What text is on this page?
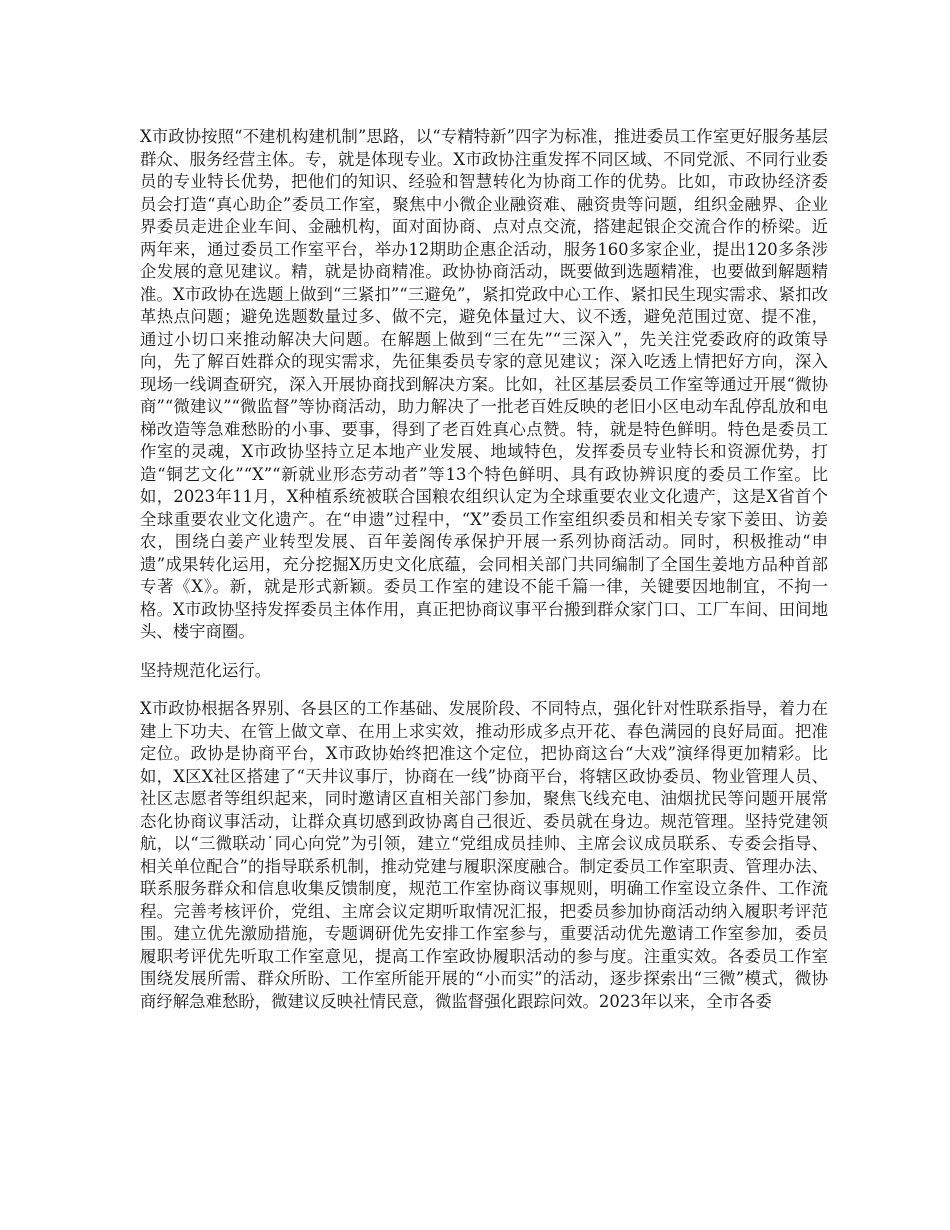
X市政协按照“不建机构建机制”思路，以“专精特新”四字为标准，推进委员工作室更好服务基层群众、服务经营主体。专，就是体现专业。X市政协注重发挥不同区域、不同党派、不同行业委员的专业特长优势，把他们的知识、经验和智慧转化为协商工作的优势。比如，市政协经济委员会打造“真心助企”委员工作室，聚焦中小微企业融资难、融资贵等问题，组织金融界、企业界委员走进企业车间、金融机构，面对面协商、点对点交流，搭建起银企交流合作的桥梁。近两年来，通过委员工作室平台，举办12期助企惠企活动，服务160多家企业，提出120多条涉企发展的意见建议。精，就是协商精准。政协协商活动，既要做到选题精准，也要做到解题精准。X市政协在选题上做到“三紧扣”“三避免”，紧扣党政中心工作、紧扣民生现实需求、紧扣改革热点问题；避免选题数量过多、做不完，避免体量过大、议不透，避免范围过宽、提不准，通过小切口来推动解决大问题。在解题上做到“三在先”“三深入”，先关注党委政府的政策导向，先了解百姓群众的现实需求，先征集委员专家的意见建议；深入吃透上情把好方向，深入现场一线调查研究，深入开展协商找到解决方案。比如，社区基层委员工作室等通过开展“微协商”“微建议”“微监督”等协商活动，助力解决了一批老百姓反映的老旧小区电动车乱停乱放和电梯改造等急难愁盼的小事、要事，得到了老百姓真心点赞。特，就是特色鲜明。特色是委员工作室的灵魂，X市政协坚持立足本地产业发展、地域特色，发挥委员专业特长和资源优势，打造“铜艺文化”“X”“新就业形态劳动者”等13个特色鲜明、具有政协辨识度的委员工作室。比如，2023年11月，X种植系统被联合国粮农组织认定为全球重要农业文化遗产，这是X省首个全球重要农业文化遗产。在“申遗”过程中，“X”委员工作室组织委员和相关专家下姜田、访姜农，围绕白姜产业转型发展、百年姜阁传承保护开展一系列协商活动。同时，积极推动“申遗”成果转化运用，充分挖掘X历史文化底蕴，会同相关部门共同编制了全国生姜地方品种首部专著《X》。新，就是形式新颖。委员工作室的建设不能千篇一律，关键要因地制宜，不拘一格。X市政协坚持发挥委员主体作用，真正把协商议事平台搬到群众家门口、工厂车间、田间地头、楼宇商圈。

坚持规范化运行。

X市政协根据各界别、各县区的工作基础、发展阶段、不同特点，强化针对性联系指导，着力在建上下功夫、在管上做文章、在用上求实效，推动形成多点开花、春色满园的良好局面。把准定位。政协是协商平台，X市政协始终把准这个定位，把协商这台“大戏”演绎得更加精彩。比如，X区X社区搭建了“天井议事厅，协商在一线”协商平台，将辖区政协委员、物业管理人员、社区志愿者等组织起来，同时邀请区直相关部门参加，聚焦飞线充电、油烟扰民等问题开展常态化协商议事活动，让群众真切感到政协离自己很近、委员就在身边。规范管理。坚持党建领航，以“三微联动˙同心向党”为引领，建立“党组成员挂帅、主席会议成员联系、专委会指导、相关单位配合”的指导联系机制，推动党建与履职深度融合。制定委员工作室职责、管理办法、联系服务群众和信息收集反馈制度，规范工作室协商议事规则，明确工作室设立条件、工作流程。完善考核评价，党组、主席会议定期听取情况汇报，把委员参加协商活动纳入履职考评范围。建立优先激励措施，专题调研优先安排工作室参与，重要活动优先邀请工作室参加，委员履职考评优先听取工作室意见，提高工作室政协履职活动的参与度。注重实效。各委员工作室围绕发展所需、群众所盼、工作室所能开展的“小而实”的活动，逐步探索出“三微”模式，微协商纾解急难愁盼，微建议反映社情民意，微监督强化跟踪问效。2023年以来，全市各委
